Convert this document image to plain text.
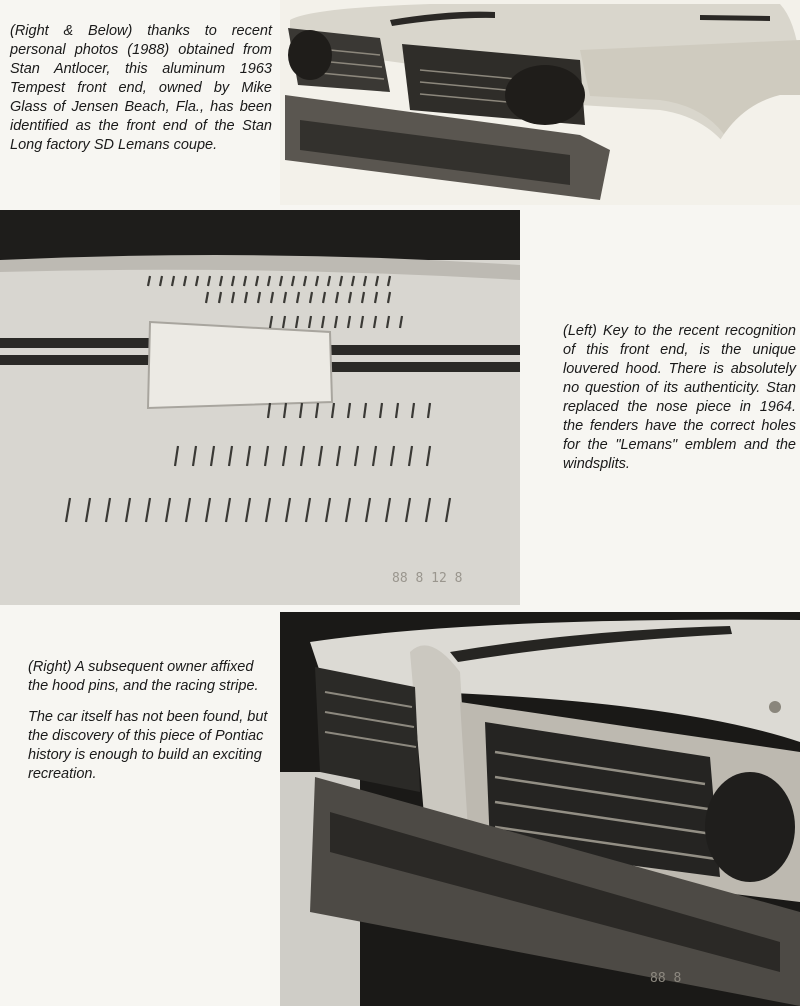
(Right & Below) thanks to recent personal photos (1988) obtained from Stan Antlocer, this aluminum 1963 Tempest front end, owned by Mike Glass of Jensen Beach, Fla., has been identified as the front end of the Stan Long factory SD Lemans coupe.
88 8 12 8
(Left) Key to the recent recognition of this front end, is the unique louvered hood. There is absolutely no question of its authenticity. Stan replaced the nose piece in 1964. the fenders have the correct holes for the "Lemans" emblem and the windsplits.
(Right) A subsequent owner affixed the hood pins, and the racing stripe.
The car itself has not been found, but the discovery of this piece of Pontiac history is enough to build an exciting recreation.
88 8
